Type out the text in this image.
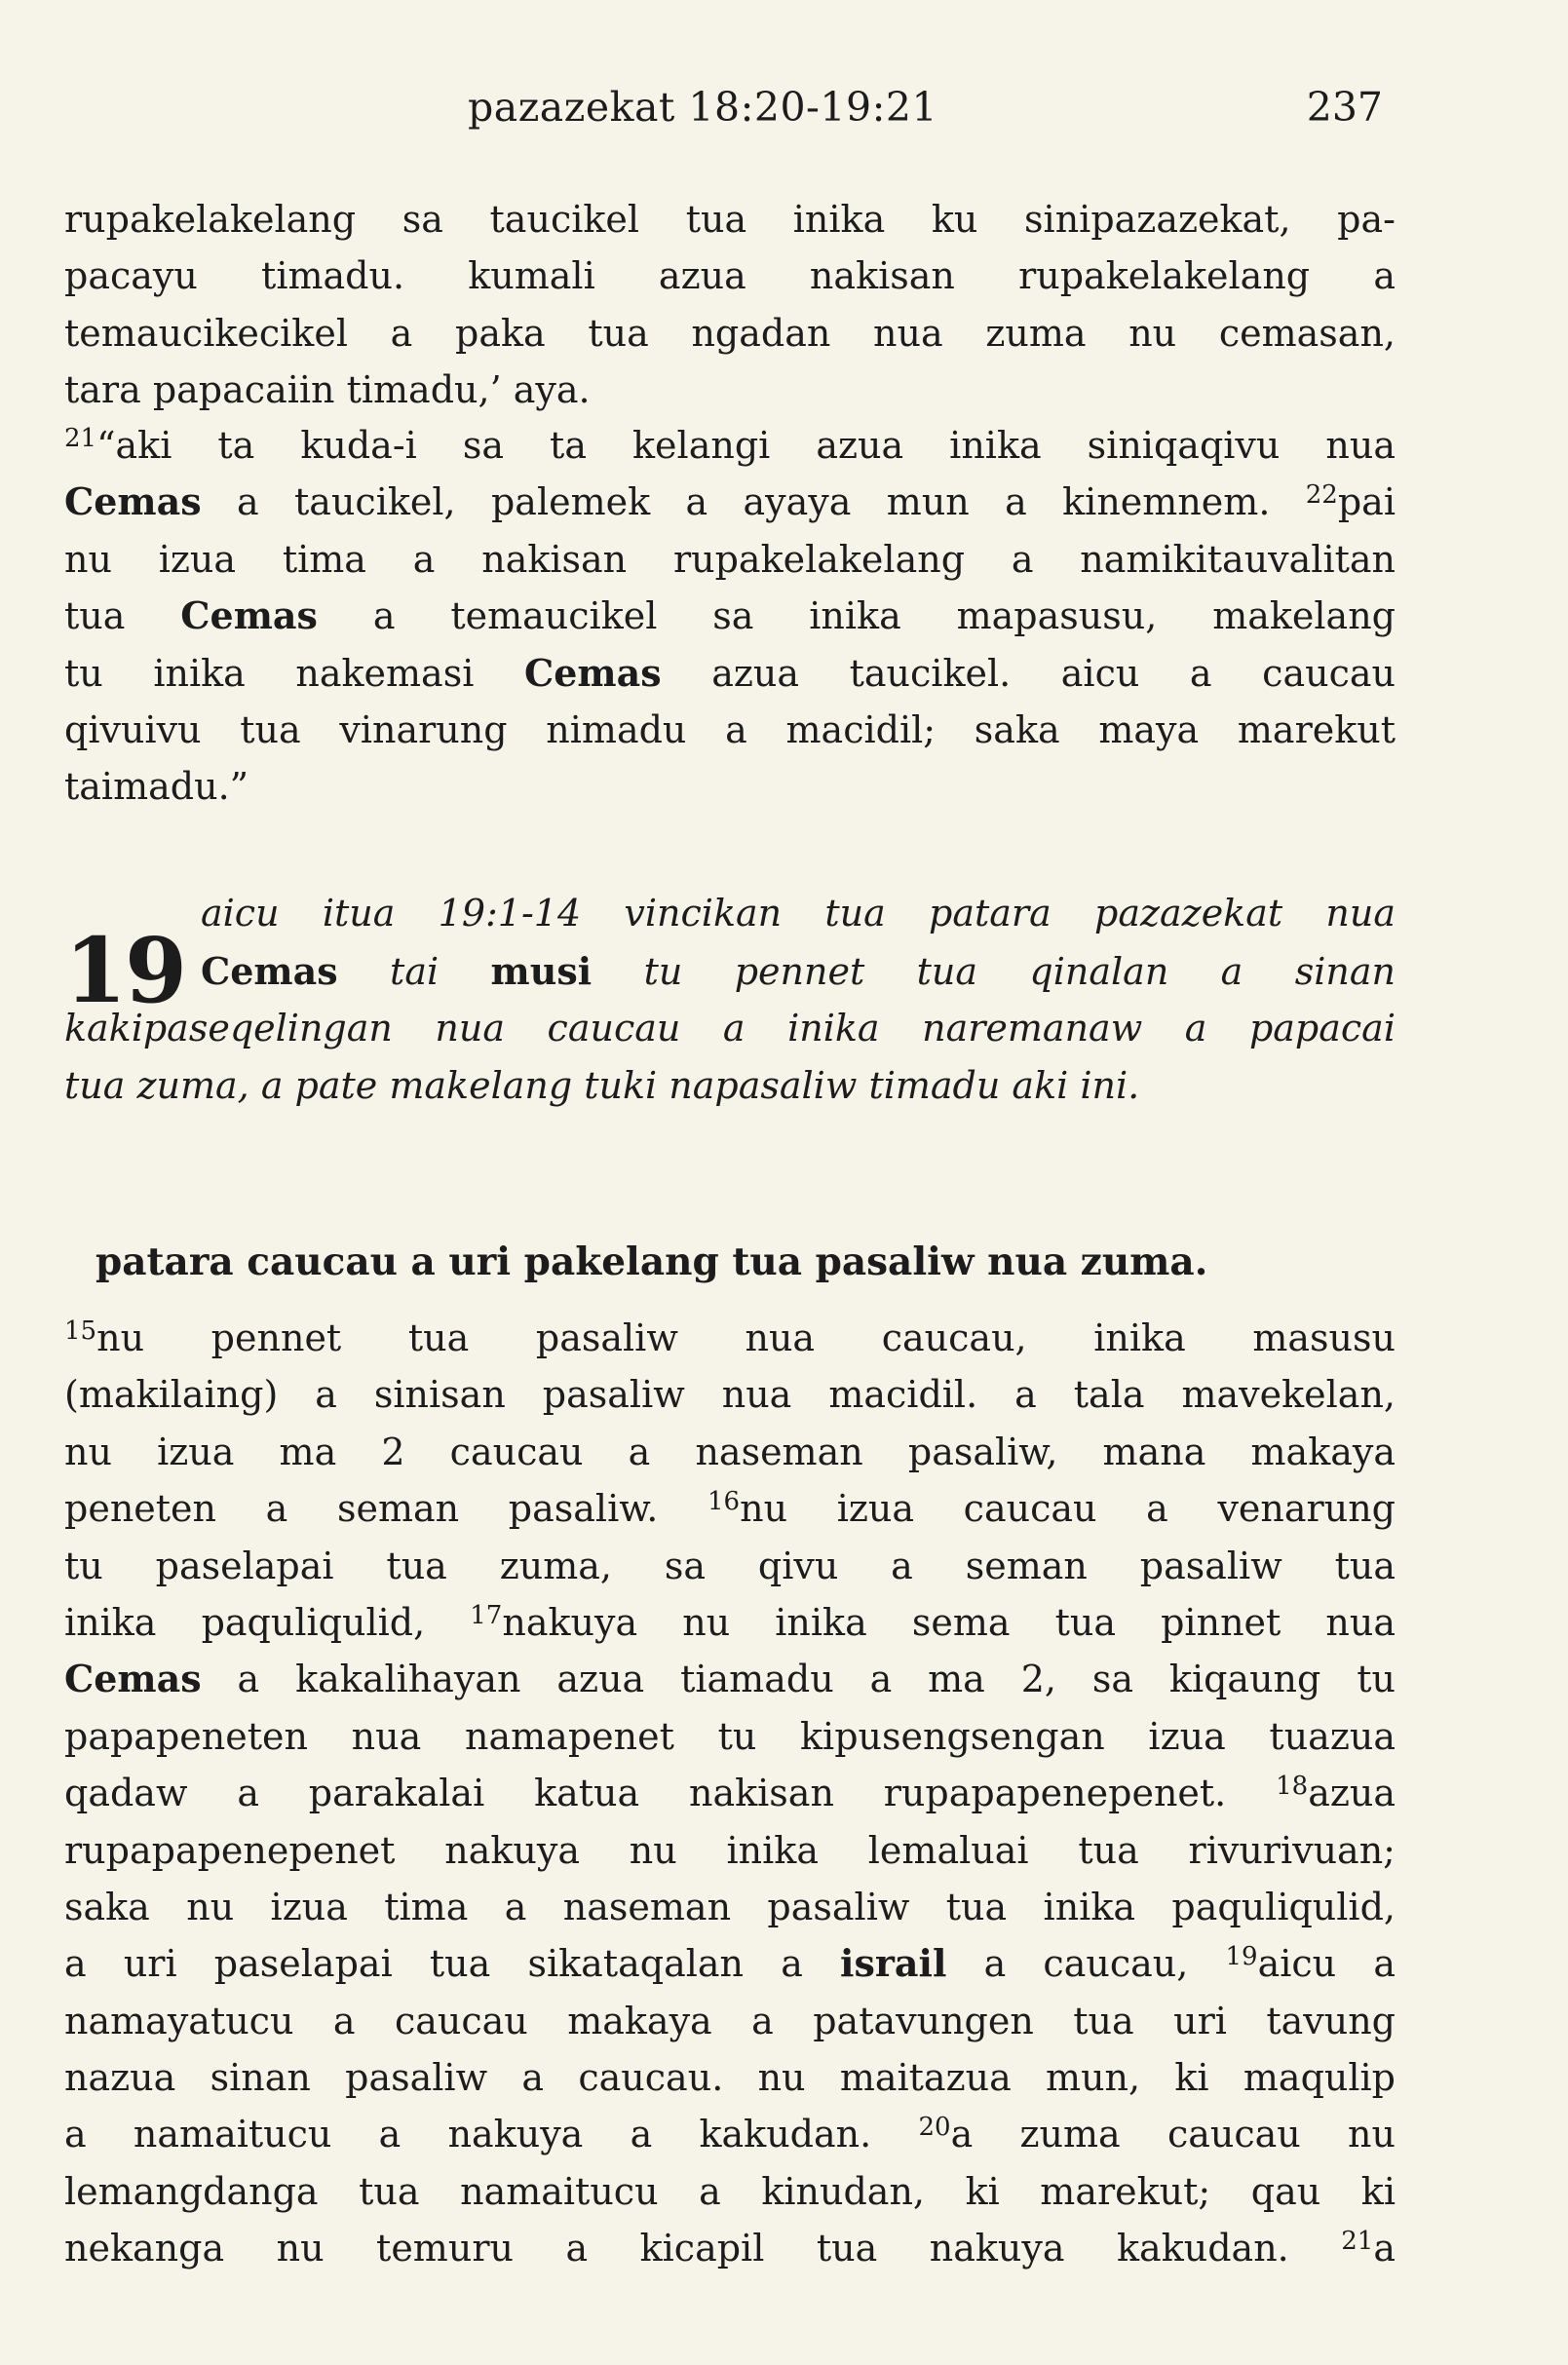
pazazekat 18:20-19:21	237
rupakelakelang sa taucikel tua inika ku sinipazazekat, pa-
pacayu timadu. kumali azua nakisan rupakelakelang a
temaucikecikel a paka tua ngadan nua zuma nu cemasan,
tara papacaiin timadu,’ aya.
$^{21}$“aki ta kuda-i sa ta kelangi azua inika siniqaqivu nua
Cemas a taucikel, palemek a ayaya mun a kinemnem. $^{22}$pai
nu izua tima a nakisan rupakelakelang a namikitauvalitan
tua Cemas a temaucikel sa inika mapasusu, makelang
tu inika nakemasi Cemas azua taucikel. aicu a caucau
qivuivu tua vinarung nimadu a macidil; saka maya marekut
taimadu.”
19
aicu itua 19:1-14 vincikan tua patara pazazekat nua
Cemas tai musi tu pennet tua qinalan a sinan
kakipaseqelingan nua caucau a inika naremanaw a papacai
tua zuma, a pate makelang tuki napasaliw timadu aki ini.
patara caucau a uri pakelang tua pasaliw nua zuma.
$^{15}$nu pennet tua pasaliw nua caucau, inika masusu
(makilaing) a sinisan pasaliw nua macidil. a tala mavekelan,
nu izua ma 2 caucau a naseman pasaliw, mana makaya
peneten a seman pasaliw. $^{16}$nu izua caucau a venarung
tu paselapai tua zuma, sa qivu a seman pasaliw tua
inika paquliqulid, $^{17}$nakuya nu inika sema tua pinnet nua
Cemas a kakalihayan azua tiamadu a ma 2, sa kiqaung tu
papapeneten nua namapenet tu kipusengsengan izua tuazua
qadaw a parakalai katua nakisan rupapapenepenet. $^{18}$azua
rupapapenepenet nakuya nu inika lemaluai tua rivurivuan;
saka nu izua tima a naseman pasaliw tua inika paquliqulid,
a uri paselapai tua sikataqalan a israil a caucau, $^{19}$aicu a
namayatucu a caucau makaya a patavungen tua uri tavung
nazua sinan pasaliw a caucau. nu maitazua mun, ki maqulip
a namaitucu a nakuya a kakudan. $^{20}$a zuma caucau nu
lemangdanga tua namaitucu a kinudan, ki marekut; qau ki
nekanga nu temuru a kicapil tua nakuya kakudan. $^{21}$a
